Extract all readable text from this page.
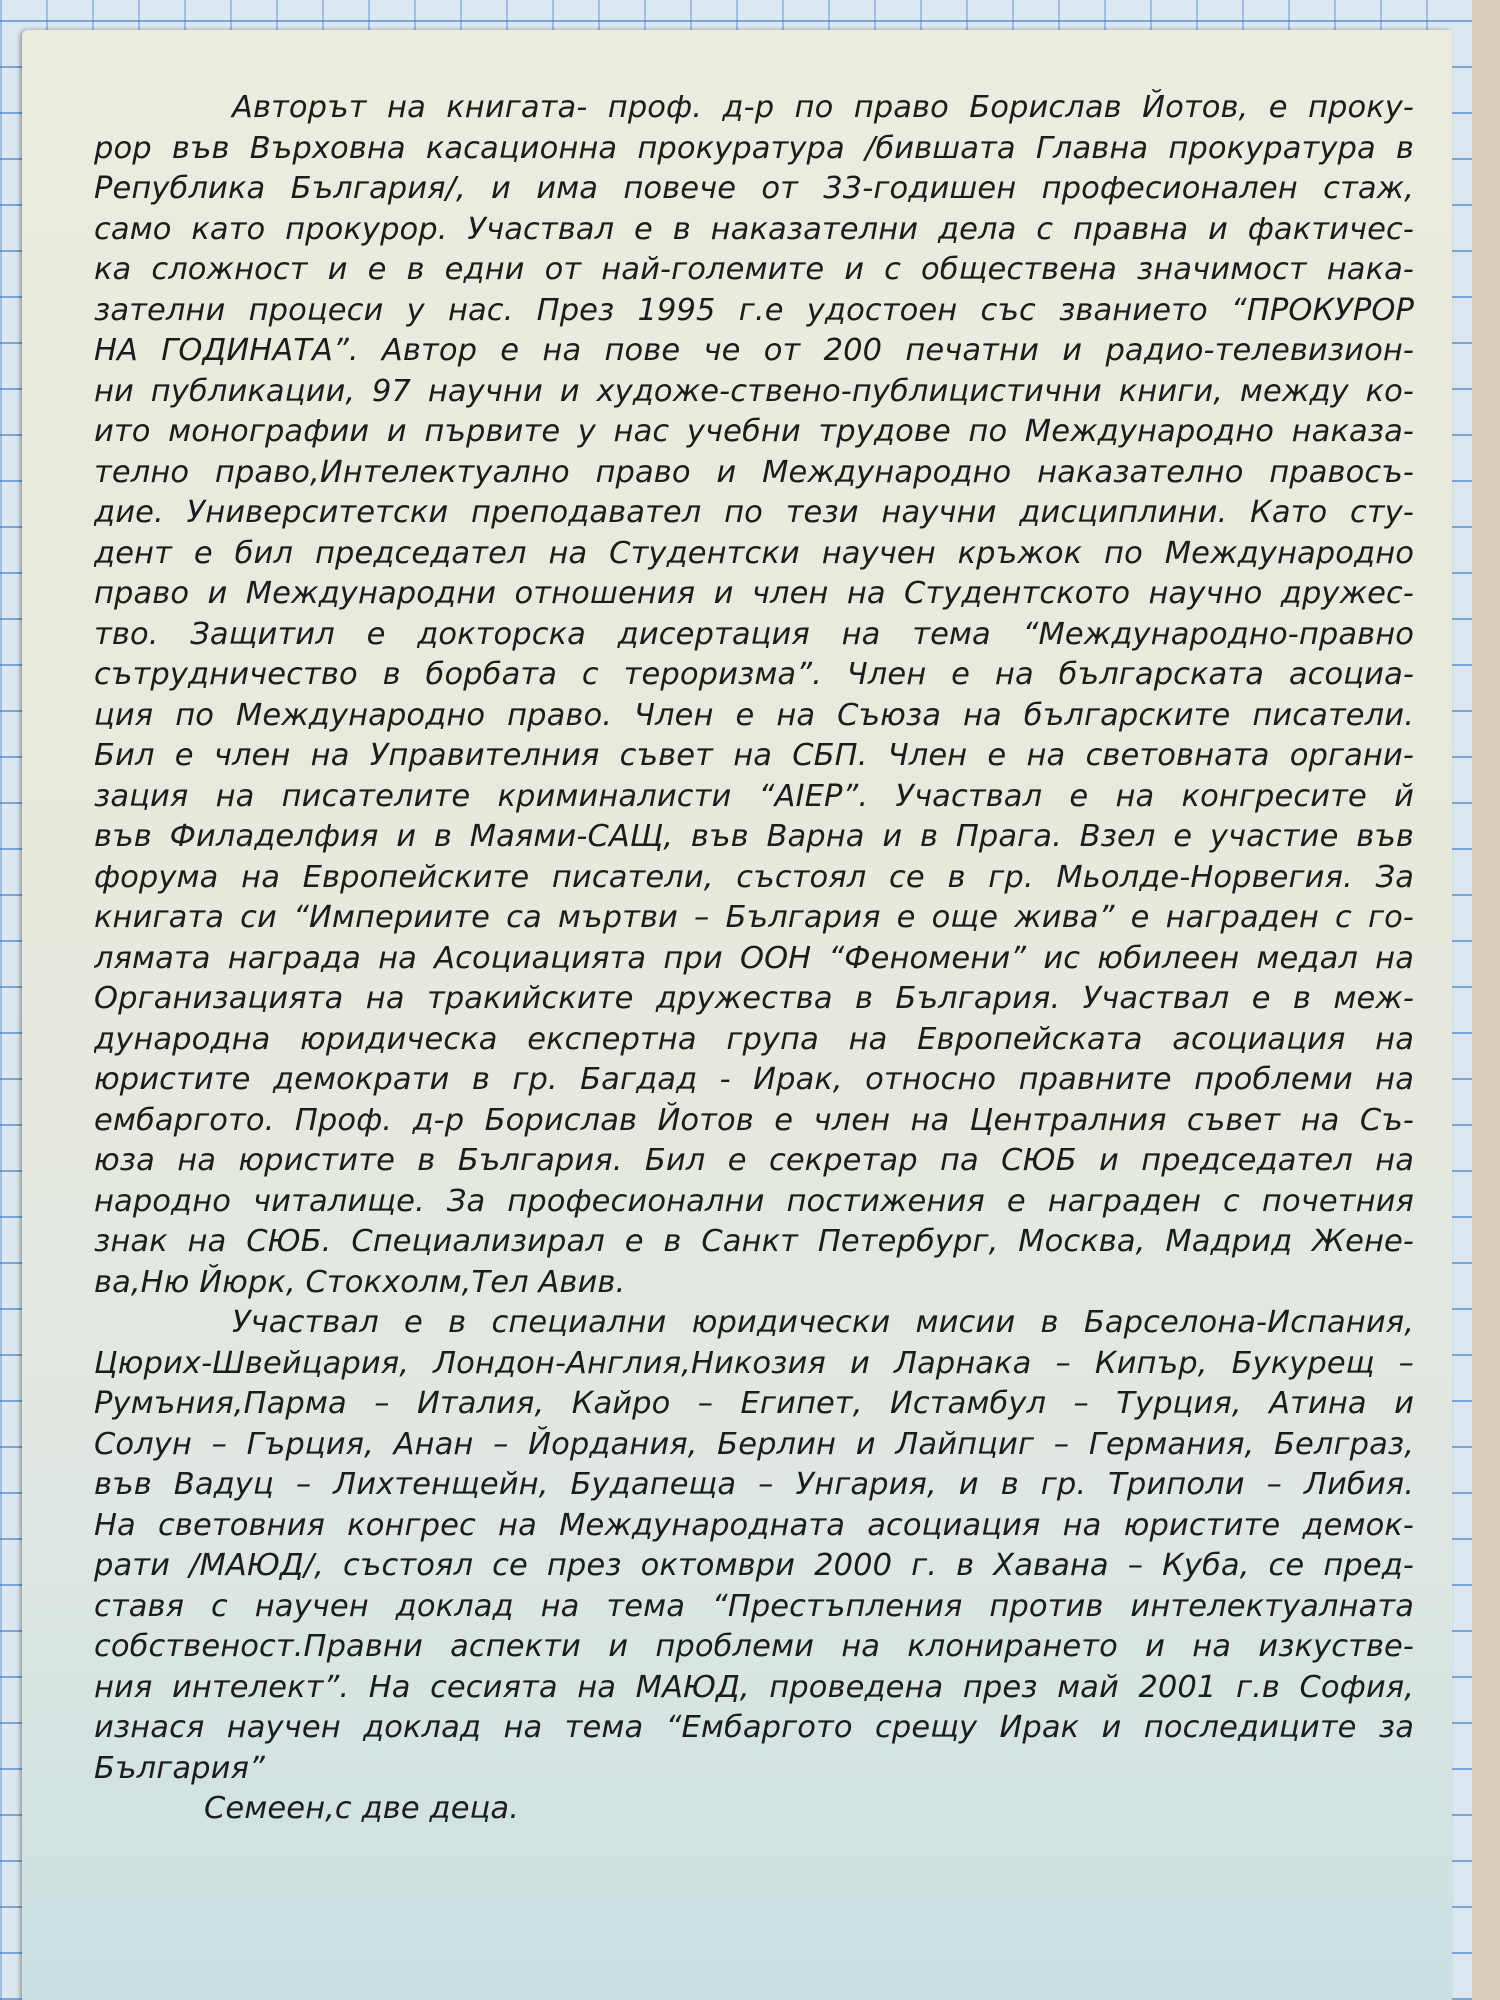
Авторът на книгата- проф. д-р по право Борислав Йотов, е проку-
рор във Върховна касационна прокуратура /бившата Главна прокуратура в
Република България/, и има повече от 33-годишен професионален стаж,
само като прокурор. Участвал е в наказателни дела с правна и фактичес-
ка сложност и е в едни от най-големите и с обществена значимост нака-
зателни процеси у нас. През 1995 г.е удостоен със званието “ПРОКУРОР
НА ГОДИНАТА”. Автор е на пове че от 200 печатни и радио-телевизион-
ни публикации, 97 научни и художе-ствено-публицистични книги, между ко-
ито монографии и първите у нас учебни трудове по Международно наказа-
телно право,Интелектуално право и Международно наказателно правосъ-
дие. Университетски преподавател по тези научни дисциплини. Като сту-
дент е бил председател на Студентски научен кръжок по Международно
право и Международни отношения и член на Студентското научно дружес-
тво. Защитил е докторска дисертация на тема “Международно-правно
сътрудничество в борбата с тероризма”. Член е на българската асоциа-
ция по Международно право. Член е на Съюза на българските писатели.
Бил е член на Управителния съвет на СБП. Член е на световната органи-
зация на писателите криминалисти “AIEP”. Участвал е на конгресите й
във Филаделфия и в Маями-САЩ, във Варна и в Прага. Взел е участие във
форума на Европейските писатели, състоял се в гр. Мьолде-Норвегия. За
книгата си “Империите са мъртви – България е още жива” е награден с го-
лямата награда на Асоциацията при ООН “Феномени” ис юбилеен медал на
Организацията на тракийските дружества в България. Участвал е в меж-
дународна юридическа експертна група на Европейската асоциация на
юристите демократи в гр. Багдад - Ирак, относно правните проблеми на
ембаргото. Проф. д-р Борислав Йотов е член на Централния съвет на Съ-
юза на юристите в България. Бил е секретар па СЮБ и председател на
народно читалище. За професионални постижения е награден с почетния
знак на СЮБ. Специализирал е в Санкт Петербург, Москва, Мадрид Жене-
ва,Ню Йюрк, Стокхолм,Тел Авив.
Участвал е в специални юридически мисии в Барселона-Испания,
Цюрих-Швейцария, Лондон-Англия,Никозия и Ларнака – Кипър, Букурещ –
Румъния,Парма – Италия, Кайро – Египет, Истамбул – Турция, Атина и
Солун – Гърция, Анан – Йордания, Берлин и Лайпциг – Германия, Белграз,
във Вадуц – Лихтенщейн, Будапеща – Унгария, и в гр. Триполи – Либия.
На световния конгрес на Международната асоциация на юристите демок-
рати /МАЮД/, състоял се през октомври 2000 г. в Хавана – Куба, се пред-
ставя с научен доклад на тема “Престъпления против интелектуалната
собственост.Правни аспекти и проблеми на клонирането и на изкустве-
ния интелект”. На сесията на МАЮД, проведена през май 2001 г.в София,
изнася научен доклад на тема “Ембаргото срещу Ирак и последиците за
България”
Семеен,с две деца.
